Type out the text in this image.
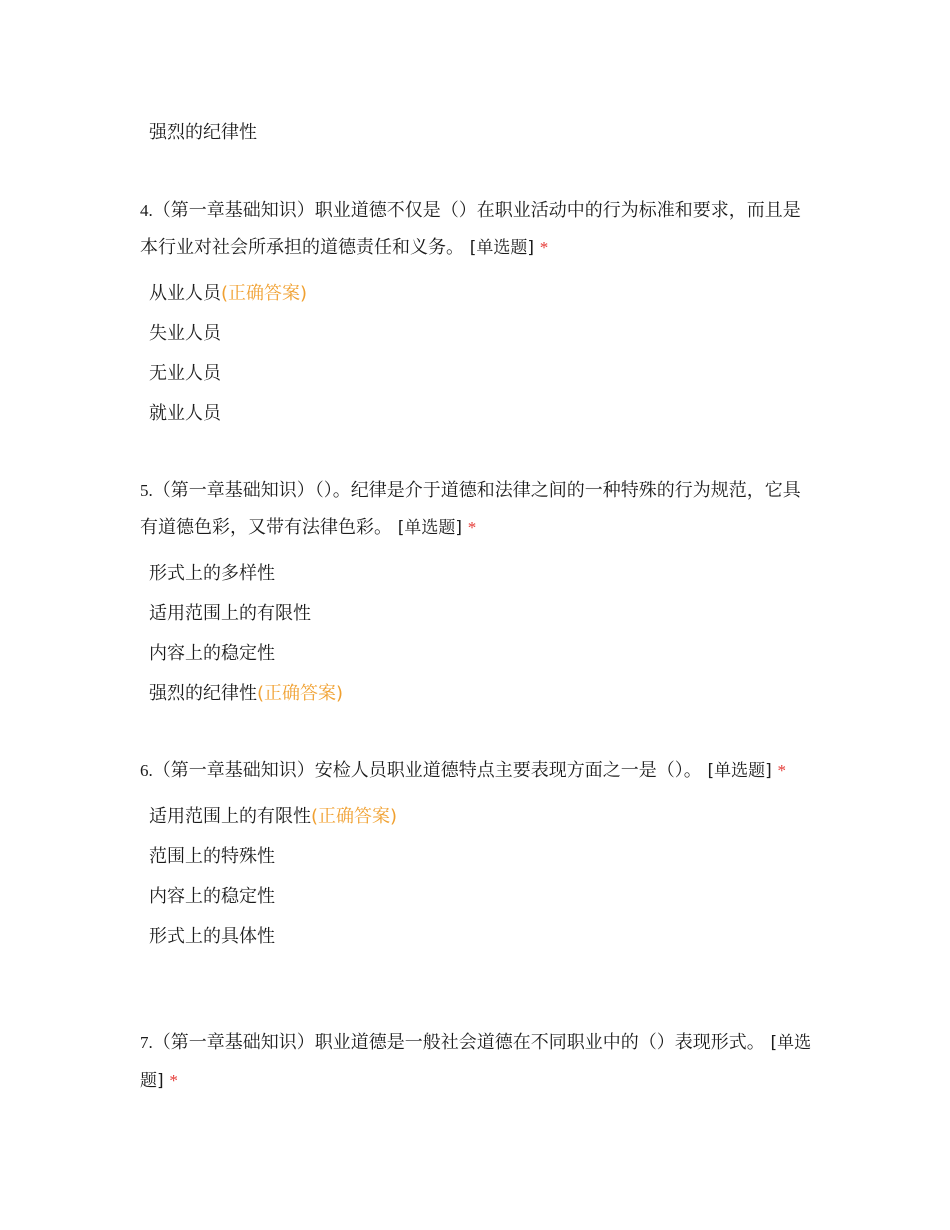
强烈的纪律性

4.（第一章基础知识）职业道德不仅是（）在职业活动中的行为标准和要求，而且是本行业对社会所承担的道德责任和义务。 [单选题] *

从业人员(正确答案)
失业人员
无业人员
就业人员

5.（第一章基础知识）（）。纪律是介于道德和法律之间的一种特殊的行为规范，它具有道德色彩，又带有法律色彩。 [单选题] *

形式上的多样性
适用范围上的有限性
内容上的稳定性
强烈的纪律性(正确答案)

6.（第一章基础知识）安检人员职业道德特点主要表现方面之一是（）。 [单选题] *

适用范围上的有限性(正确答案)
范围上的特殊性
内容上的稳定性
形式上的具体性

7.（第一章基础知识）职业道德是一般社会道德在不同职业中的（）表现形式。 [单选题] *
